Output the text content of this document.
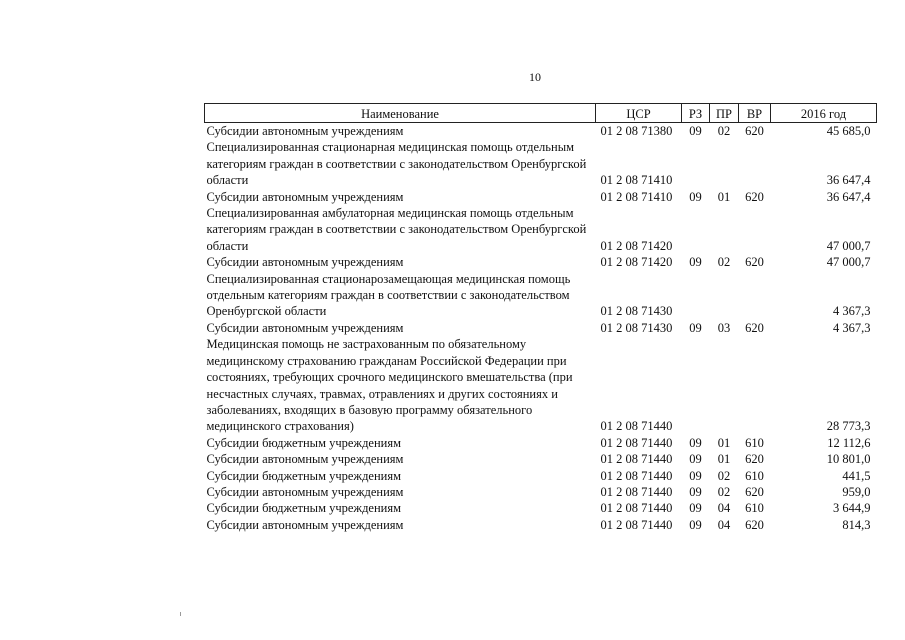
10
Наименование	ЦСР	РЗ	ПР	ВР	2016 год
Субсидии автономным учреждениям	01 2 08 71380	09	02	620	45 685,0
Специализированная стационарная медицинская помощь отдельным категориям граждан в соответствии с законодательством Оренбургской области	01 2 08 71410				36 647,4
Субсидии автономным учреждениям	01 2 08 71410	09	01	620	36 647,4
Специализированная амбулаторная медицинская помощь отдельным категориям граждан в соответствии с законодательством Оренбургской области	01 2 08 71420				47 000,7
Субсидии автономным учреждениям	01 2 08 71420	09	02	620	47 000,7
Специализированная стационарозамещающая медицинская помощь отдельным категориям граждан в соответствии с законодательством Оренбургской области	01 2 08 71430				4 367,3
Субсидии автономным учреждениям	01 2 08 71430	09	03	620	4 367,3
Медицинская помощь не застрахованным по обязательному медицинскому страхованию гражданам Российской Федерации при состояниях, требующих срочного медицинского вмешательства (при несчастных случаях, травмах, отравлениях и других состояниях и заболеваниях, входящих в базовую программу обязательного медицинского страхования)	01 2 08 71440				28 773,3
Субсидии бюджетным учреждениям	01 2 08 71440	09	01	610	12 112,6
Субсидии автономным учреждениям	01 2 08 71440	09	01	620	10 801,0
Субсидии бюджетным учреждениям	01 2 08 71440	09	02	610	441,5
Субсидии автономным учреждениям	01 2 08 71440	09	02	620	959,0
Субсидии бюджетным учреждениям	01 2 08 71440	09	04	610	3 644,9
Субсидии автономным учреждениям	01 2 08 71440	09	04	620	814,3
